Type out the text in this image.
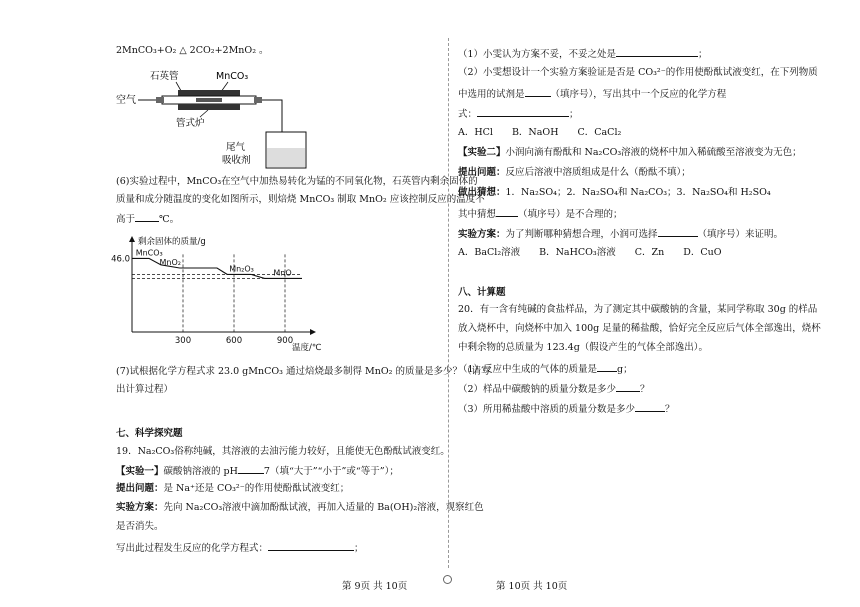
2MnCO₃+O₂ △ 2CO₂+2MnO₂ 。
空气
石英管	MnCO₃
管式炉
尾气
吸收剂
(6)实验过程中，MnCO₃在空气中加热易转化为锰的不同氧化物，石英管内剩余固体的
质量和成分随温度的变化如图所示，则焙烧 MnCO₃ 制取 MnO₂ 应该控制反应的温度不
高于	℃。
剩余固体的质量/g
温度/℃
46.0
300	600	900
MnCO₃
MnO₂
Mn₂O₃ MnO
(7)试根据化学方程式求 23.0 gMnCO₃ 通过焙烧最多制得 MnO₂ 的质量是多少？（请写
出计算过程）
七、科学探究题
19．Na₂CO₃俗称纯碱，其溶液的去油污能力较好，且能使无色酚酞试液变红。
【实验一】碳酸钠溶液的 pH	7（填“大于”“小于”或“等于”）；
提出问题：是 Na⁺还是 CO₃²⁻的作用使酚酞试液变红；
实验方案：先向 Na₂CO₃溶液中滴加酚酞试液，再加入适量的 Ba(OH)₂溶液，观察红色
是否消失。
写出此过程发生反应的化学方程式：	；
（1）小雯认为方案不妥，不妥之处是	；
（2）小雯想设计一个实验方案验证是否是 CO₃²⁻的作用使酚酞试液变红，在下列物质
中选用的试剂是	（填序号），写出其中一个反应的化学方程
式：	；
A．HCl　　B．NaOH　　C．CaCl₂
【实验二】小润向滴有酚酞和 Na₂CO₃溶液的烧杯中加入稀硫酸至溶液变为无色；
提出问题：反应后溶液中溶质组成是什么（酚酞不填）；
做出猜想：1．Na₂SO₄；2．Na₂SO₄和 Na₂CO₃；3．Na₂SO₄和 H₂SO₄
其中猜想 （填序号）是不合理的；
实验方案：为了判断哪种猜想合理，小润可选择	（填序号）来证明。
A．BaCl₂溶液　　B．NaHCO₃溶液　　C．Zn　　D．CuO
八、计算题
20．有一含有纯碱的食盐样品，为了测定其中碳酸钠的含量，某同学称取 30g 的样品
放入烧杯中，向烧杯中加入 100g 足量的稀盐酸，恰好完全反应后气体全部逸出，烧杯
中剩余物的总质量为 123.4g（假设产生的气体全部逸出）。
（1）反应中生成的气体的质量是 g；
（2）样品中碳酸钠的质量分数是多少	？
（3）所用稀盐酸中溶质的质量分数是多少	？
第 9页 共 10页	第 10页 共 10页
